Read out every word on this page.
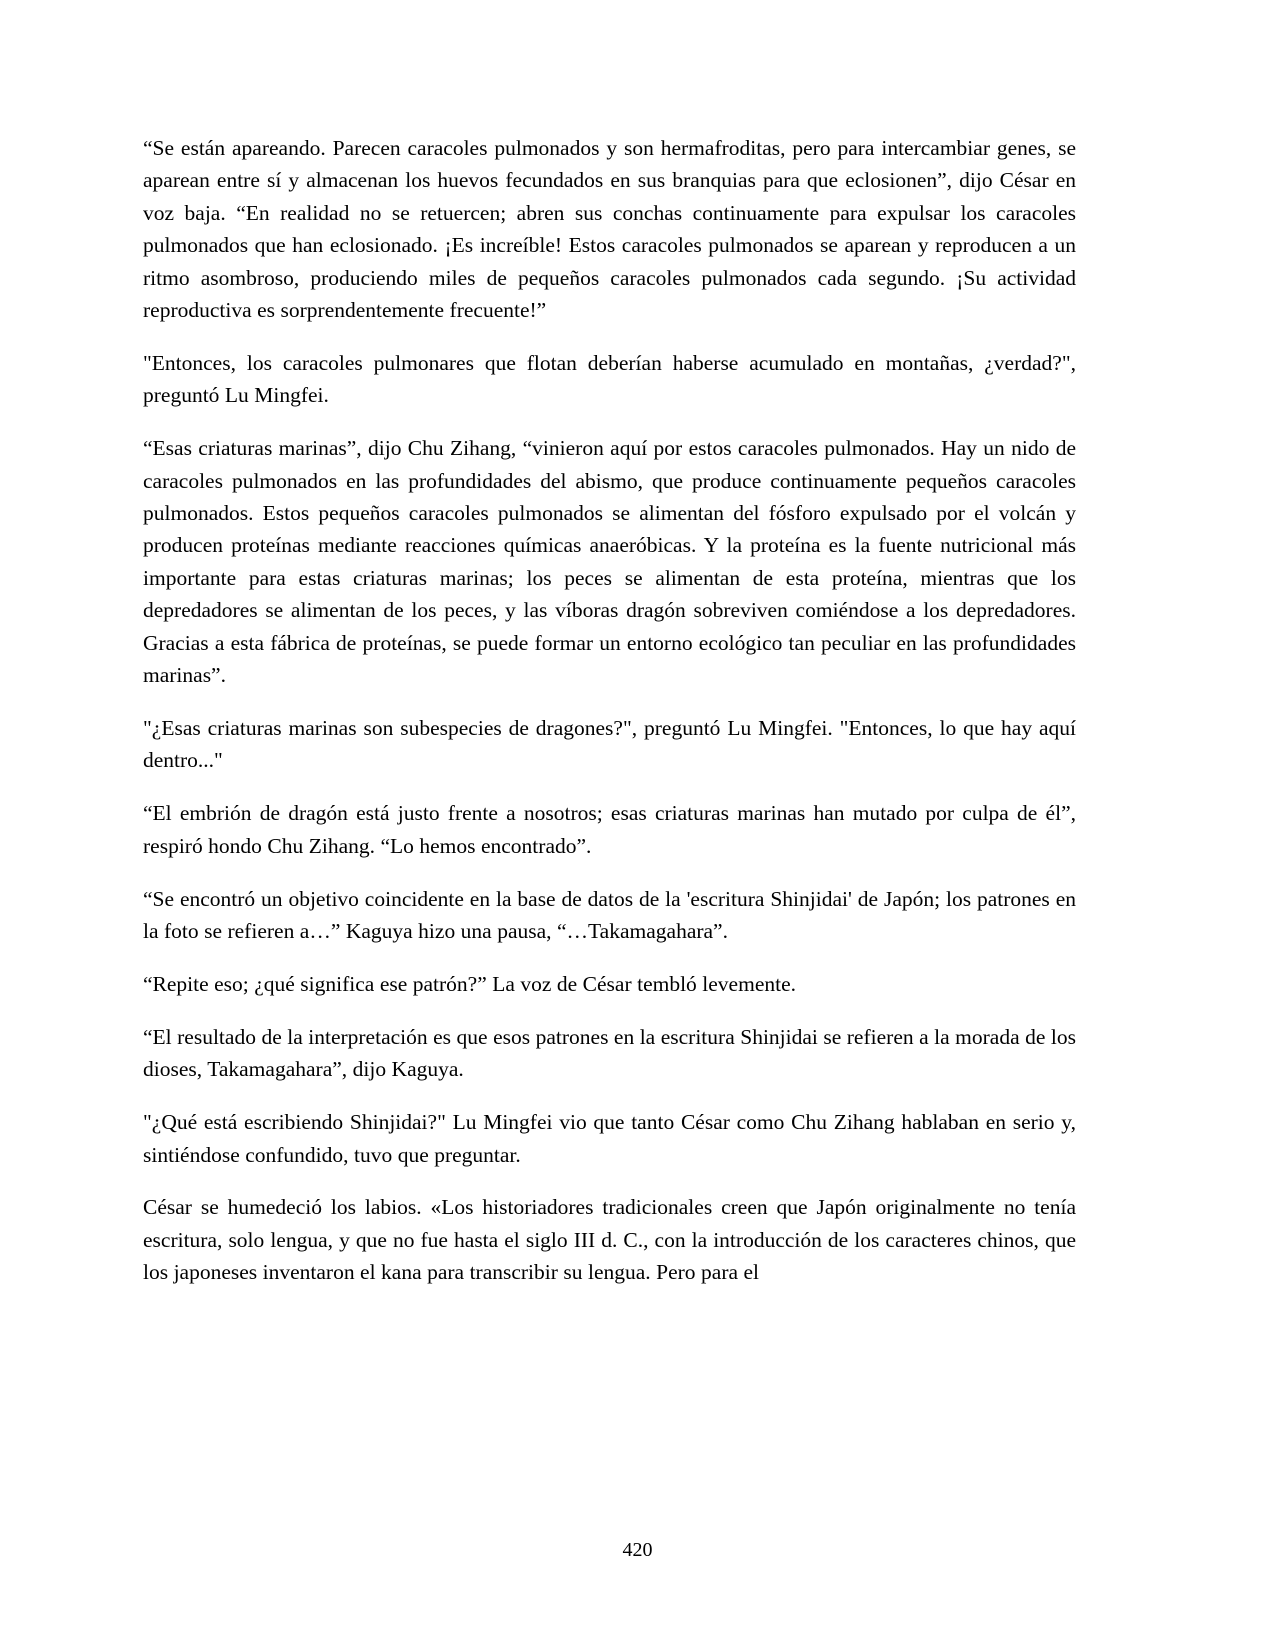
“Se están apareando. Parecen caracoles pulmonados y son hermafroditas, pero para intercambiar genes, se aparean entre sí y almacenan los huevos fecundados en sus branquias para que eclosionen”, dijo César en voz baja. “En realidad no se retuercen; abren sus conchas continuamente para expulsar los caracoles pulmonados que han eclosionado. ¡Es increíble! Estos caracoles pulmonados se aparean y reproducen a un ritmo asombroso, produciendo miles de pequeños caracoles pulmonados cada segundo. ¡Su actividad reproductiva es sorprendentemente frecuente!”

"Entonces, los caracoles pulmonares que flotan deberían haberse acumulado en montañas, ¿verdad?", preguntó Lu Mingfei.

“Esas criaturas marinas”, dijo Chu Zihang, “vinieron aquí por estos caracoles pulmonados. Hay un nido de caracoles pulmonados en las profundidades del abismo, que produce continuamente pequeños caracoles pulmonados. Estos pequeños caracoles pulmonados se alimentan del fósforo expulsado por el volcán y producen proteínas mediante reacciones químicas anaeróbicas. Y la proteína es la fuente nutricional más importante para estas criaturas marinas; los peces se alimentan de esta proteína, mientras que los depredadores se alimentan de los peces, y las víboras dragón sobreviven comiéndose a los depredadores. Gracias a esta fábrica de proteínas, se puede formar un entorno ecológico tan peculiar en las profundidades marinas”.

"¿Esas criaturas marinas son subespecies de dragones?", preguntó Lu Mingfei. "Entonces, lo que hay aquí dentro..."

“El embrión de dragón está justo frente a nosotros; esas criaturas marinas han mutado por culpa de él”, respiró hondo Chu Zihang. “Lo hemos encontrado”.

“Se encontró un objetivo coincidente en la base de datos de la 'escritura Shinjidai' de Japón; los patrones en la foto se refieren a…” Kaguya hizo una pausa, “…Takamagahara”.

“Repite eso; ¿qué significa ese patrón?” La voz de César tembló levemente.

“El resultado de la interpretación es que esos patrones en la escritura Shinjidai se refieren a la morada de los dioses, Takamagahara”, dijo Kaguya.

"¿Qué está escribiendo Shinjidai?" Lu Mingfei vio que tanto César como Chu Zihang hablaban en serio y, sintiéndose confundido, tuvo que preguntar.

César se humedeció los labios. «Los historiadores tradicionales creen que Japón originalmente no tenía escritura, solo lengua, y que no fue hasta el siglo III d. C., con la introducción de los caracteres chinos, que los japoneses inventaron el kana para transcribir su lengua. Pero para el

420
